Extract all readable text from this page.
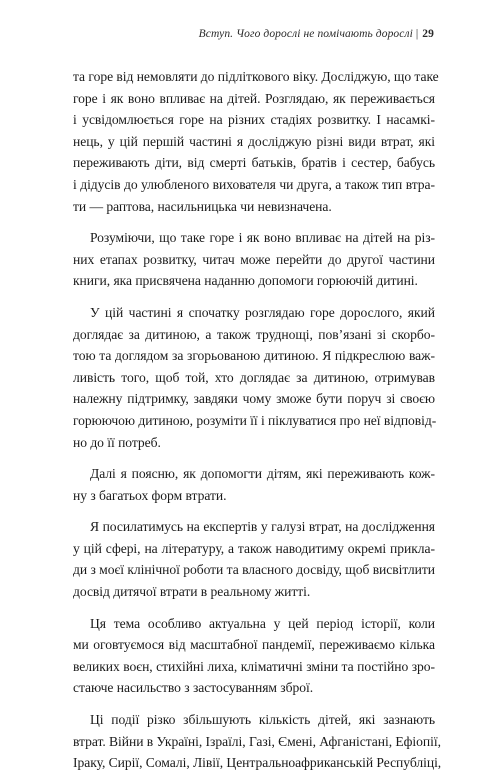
Вступ. Чого дорослі не помічають дорослі | 29

та горе від немовляти до підліткового віку. Досліджую, що таке
горе і як воно впливає на дітей. Розглядаю, як переживається
і усвідомлюється горе на різних стадіях розвитку. І насамкі-
нець, у цій першій частині я досліджую різні види втрат, які
переживають діти, від смерті батьків, братів і сестер, бабусь
і дідусів до улюбленого вихователя чи друга, а також тип втра-
ти — раптова, насильницька чи невизначена.

Розуміючи, що таке горе і як воно впливає на дітей на різ-
них етапах розвитку, читач може перейти до другої частини
книги, яка присвячена наданню допомоги горюючій дитині.

У цій частині я спочатку розглядаю горе дорослого, який
доглядає за дитиною, а також труднощі, пов’язані зі скорбо-
тою та доглядом за згорьованою дитиною. Я підкреслюю важ-
ливість того, щоб той, хто доглядає за дитиною, отримував
належну підтримку, завдяки чому зможе бути поруч зі своєю
горюючою дитиною, розуміти її і піклуватися про неї відповід-
но до її потреб.

Далі я поясню, як допомогти дітям, які переживають кож-
ну з багатьох форм втрати.

Я посилатимусь на експертів у галузі втрат, на дослідження
у цій сфері, на літературу, а також наводитиму окремі прикла-
ди з моєї клінічної роботи та власного досвіду, щоб висвітлити
досвід дитячої втрати в реальному житті.

Ця тема особливо актуальна у цей період історії, коли
ми оговтуємося від масштабної пандемії, переживаємо кілька
великих воєн, стихійні лиха, кліматичні зміни та постійно зро-
стаюче насильство з застосуванням зброї.

Ці події різко збільшують кількість дітей, які зазнають
втрат. Війни в Україні, Ізраїлі, Газі, Ємені, Афганістані, Ефіопії,
Іраку, Сирії, Сомалі, Лівії, Центральноафриканській Республіці,
